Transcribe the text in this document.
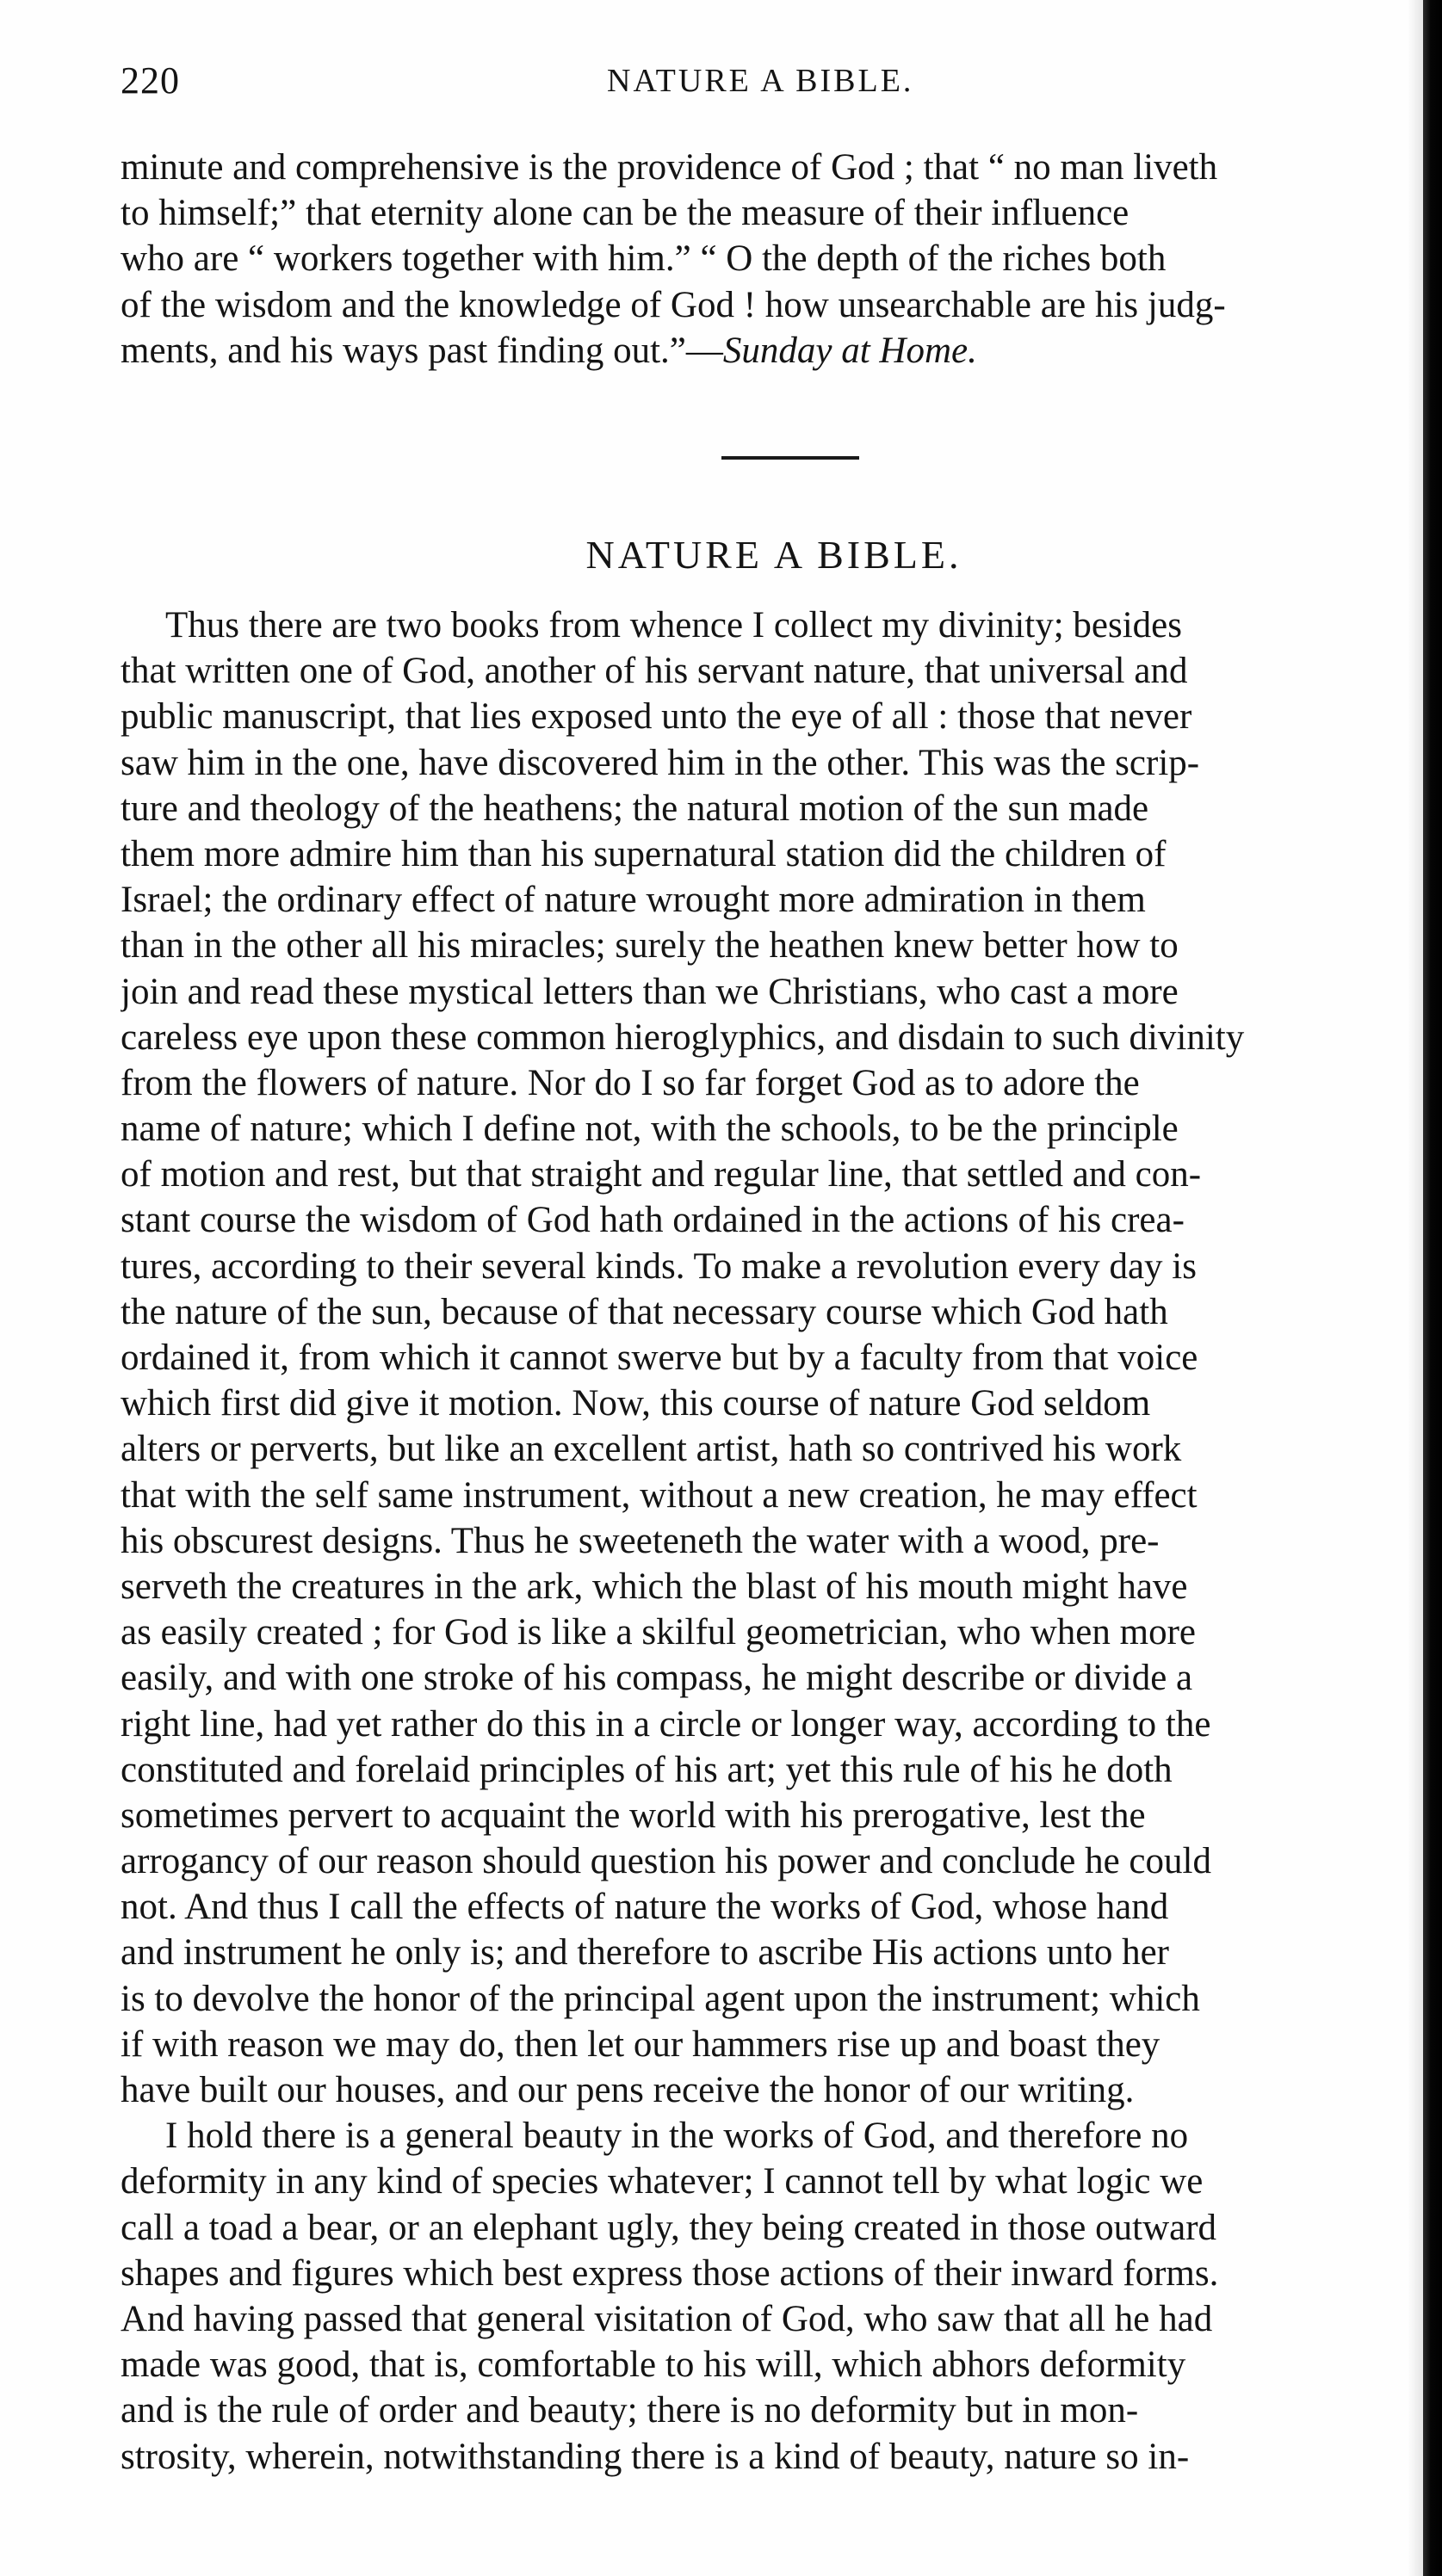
220	NATURE A BIBLE.
minute and comprehensive is the providence of God ; that “ no man liveth
to himself;” that eternity alone can be the measure of their influence
who are “ workers together with him.” “ O the depth of the riches both
of the wisdom and the knowledge of God ! how unsearchable are his judg-
ments, and his ways past finding out.”—Sunday at Home.
NATURE A BIBLE.
Thus there are two books from whence I collect my divinity; besides
that written one of God, another of his servant nature, that universal and
public manuscript, that lies exposed unto the eye of all : those that never
saw him in the one, have discovered him in the other. This was the scrip-
ture and theology of the heathens; the natural motion of the sun made
them more admire him than his supernatural station did the children of
Israel; the ordinary effect of nature wrought more admiration in them
than in the other all his miracles; surely the heathen knew better how to
join and read these mystical letters than we Christians, who cast a more
careless eye upon these common hieroglyphics, and disdain to such divinity
from the flowers of nature. Nor do I so far forget God as to adore the
name of nature; which I define not, with the schools, to be the principle
of motion and rest, but that straight and regular line, that settled and con-
stant course the wisdom of God hath ordained in the actions of his crea-
tures, according to their several kinds. To make a revolution every day is
the nature of the sun, because of that necessary course which God hath
ordained it, from which it cannot swerve but by a faculty from that voice
which first did give it motion. Now, this course of nature God seldom
alters or perverts, but like an excellent artist, hath so contrived his work
that with the self same instrument, without a new creation, he may effect
his obscurest designs. Thus he sweeteneth the water with a wood, pre-
serveth the creatures in the ark, which the blast of his mouth might have
as easily created ; for God is like a skilful geometrician, who when more
easily, and with one stroke of his compass, he might describe or divide a
right line, had yet rather do this in a circle or longer way, according to the
constituted and forelaid principles of his art; yet this rule of his he doth
sometimes pervert to acquaint the world with his prerogative, lest the
arrogancy of our reason should question his power and conclude he could
not. And thus I call the effects of nature the works of God, whose hand
and instrument he only is; and therefore to ascribe His actions unto her
is to devolve the honor of the principal agent upon the instrument; which
if with reason we may do, then let our hammers rise up and boast they
have built our houses, and our pens receive the honor of our writing.
I hold there is a general beauty in the works of God, and therefore no
deformity in any kind of species whatever; I cannot tell by what logic we
call a toad a bear, or an elephant ugly, they being created in those outward
shapes and figures which best express those actions of their inward forms.
And having passed that general visitation of God, who saw that all he had
made was good, that is, comfortable to his will, which abhors deformity
and is the rule of order and beauty; there is no deformity but in mon-
strosity, wherein, notwithstanding there is a kind of beauty, nature so in-
